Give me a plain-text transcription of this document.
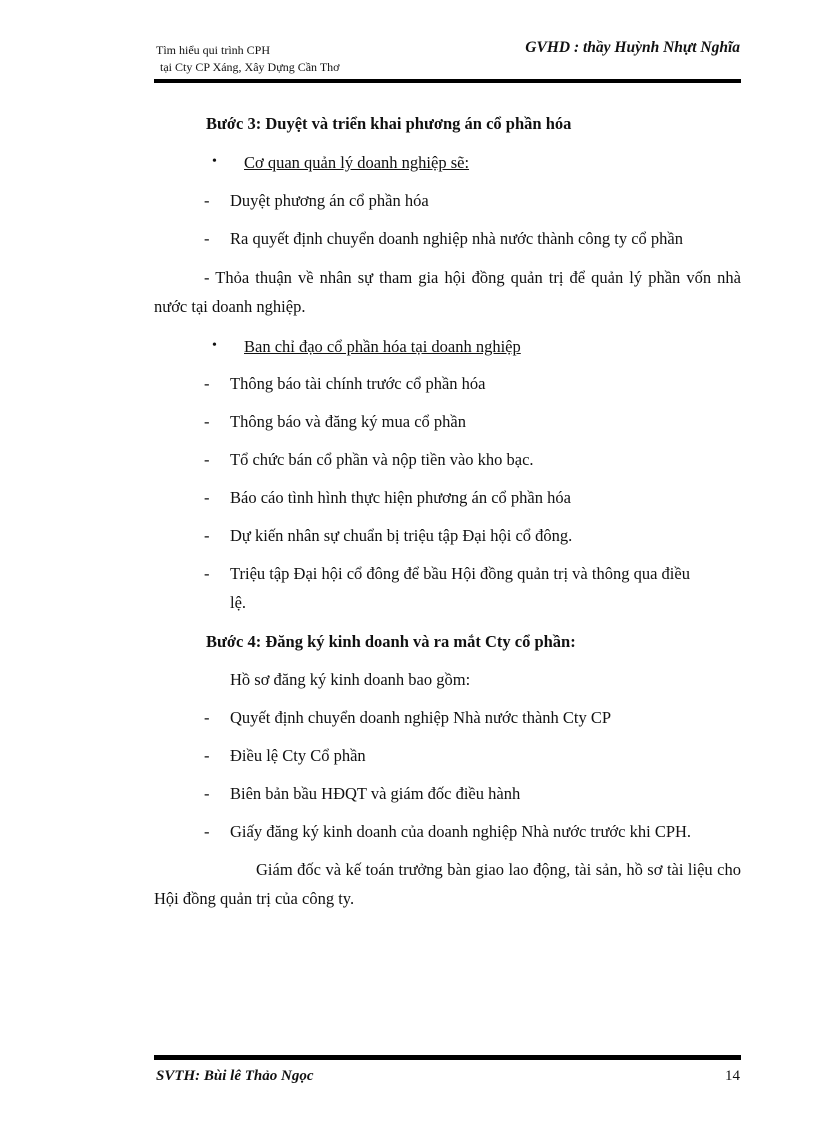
Tìm hiểu qui trình CPH
tại Cty CP Xáng, Xây Dựng Cần Thơ
GVHD : thầy Huỳnh Nhựt Nghĩa
Bước 3: Duyệt và triển khai phương án cổ phần hóa
• Cơ quan quản lý doanh nghiệp sẽ:
- Duyệt phương án cổ phần hóa
- Ra quyết định chuyển doanh nghiệp nhà nước thành công ty cổ phần
- Thỏa thuận về nhân sự tham gia hội đồng quản trị để quản lý phần vốn nhà nước tại doanh nghiệp.
• Ban chỉ đạo cổ phần hóa tại doanh nghiệp
- Thông báo tài chính trước cổ phần hóa
- Thông báo và đăng ký mua cổ phần
- Tổ chức bán cổ phần và nộp tiền vào kho bạc.
- Báo cáo tình hình thực hiện phương án cổ phần hóa
- Dự kiến nhân sự chuẩn bị triệu tập Đại hội cổ đông.
- Triệu tập Đại hội cổ đông để bầu Hội đồng quản trị và thông qua điều
lệ.
Bước 4: Đăng ký kinh doanh và ra mắt Cty cổ phần:
Hồ sơ đăng ký kinh doanh bao gồm:
- Quyết định chuyển doanh nghiệp Nhà nước thành Cty CP
- Điều lệ Cty Cổ phần
- Biên bản bầu HĐQT và giám đốc điều hành
- Giấy đăng ký kinh doanh của doanh nghiệp Nhà nước trước khi CPH.
Giám đốc và kế toán trưởng bàn giao lao động, tài sản, hồ sơ tài liệu cho Hội đồng quản trị của công ty.
SVTH: Bùi lê Thảo Ngọc	14
